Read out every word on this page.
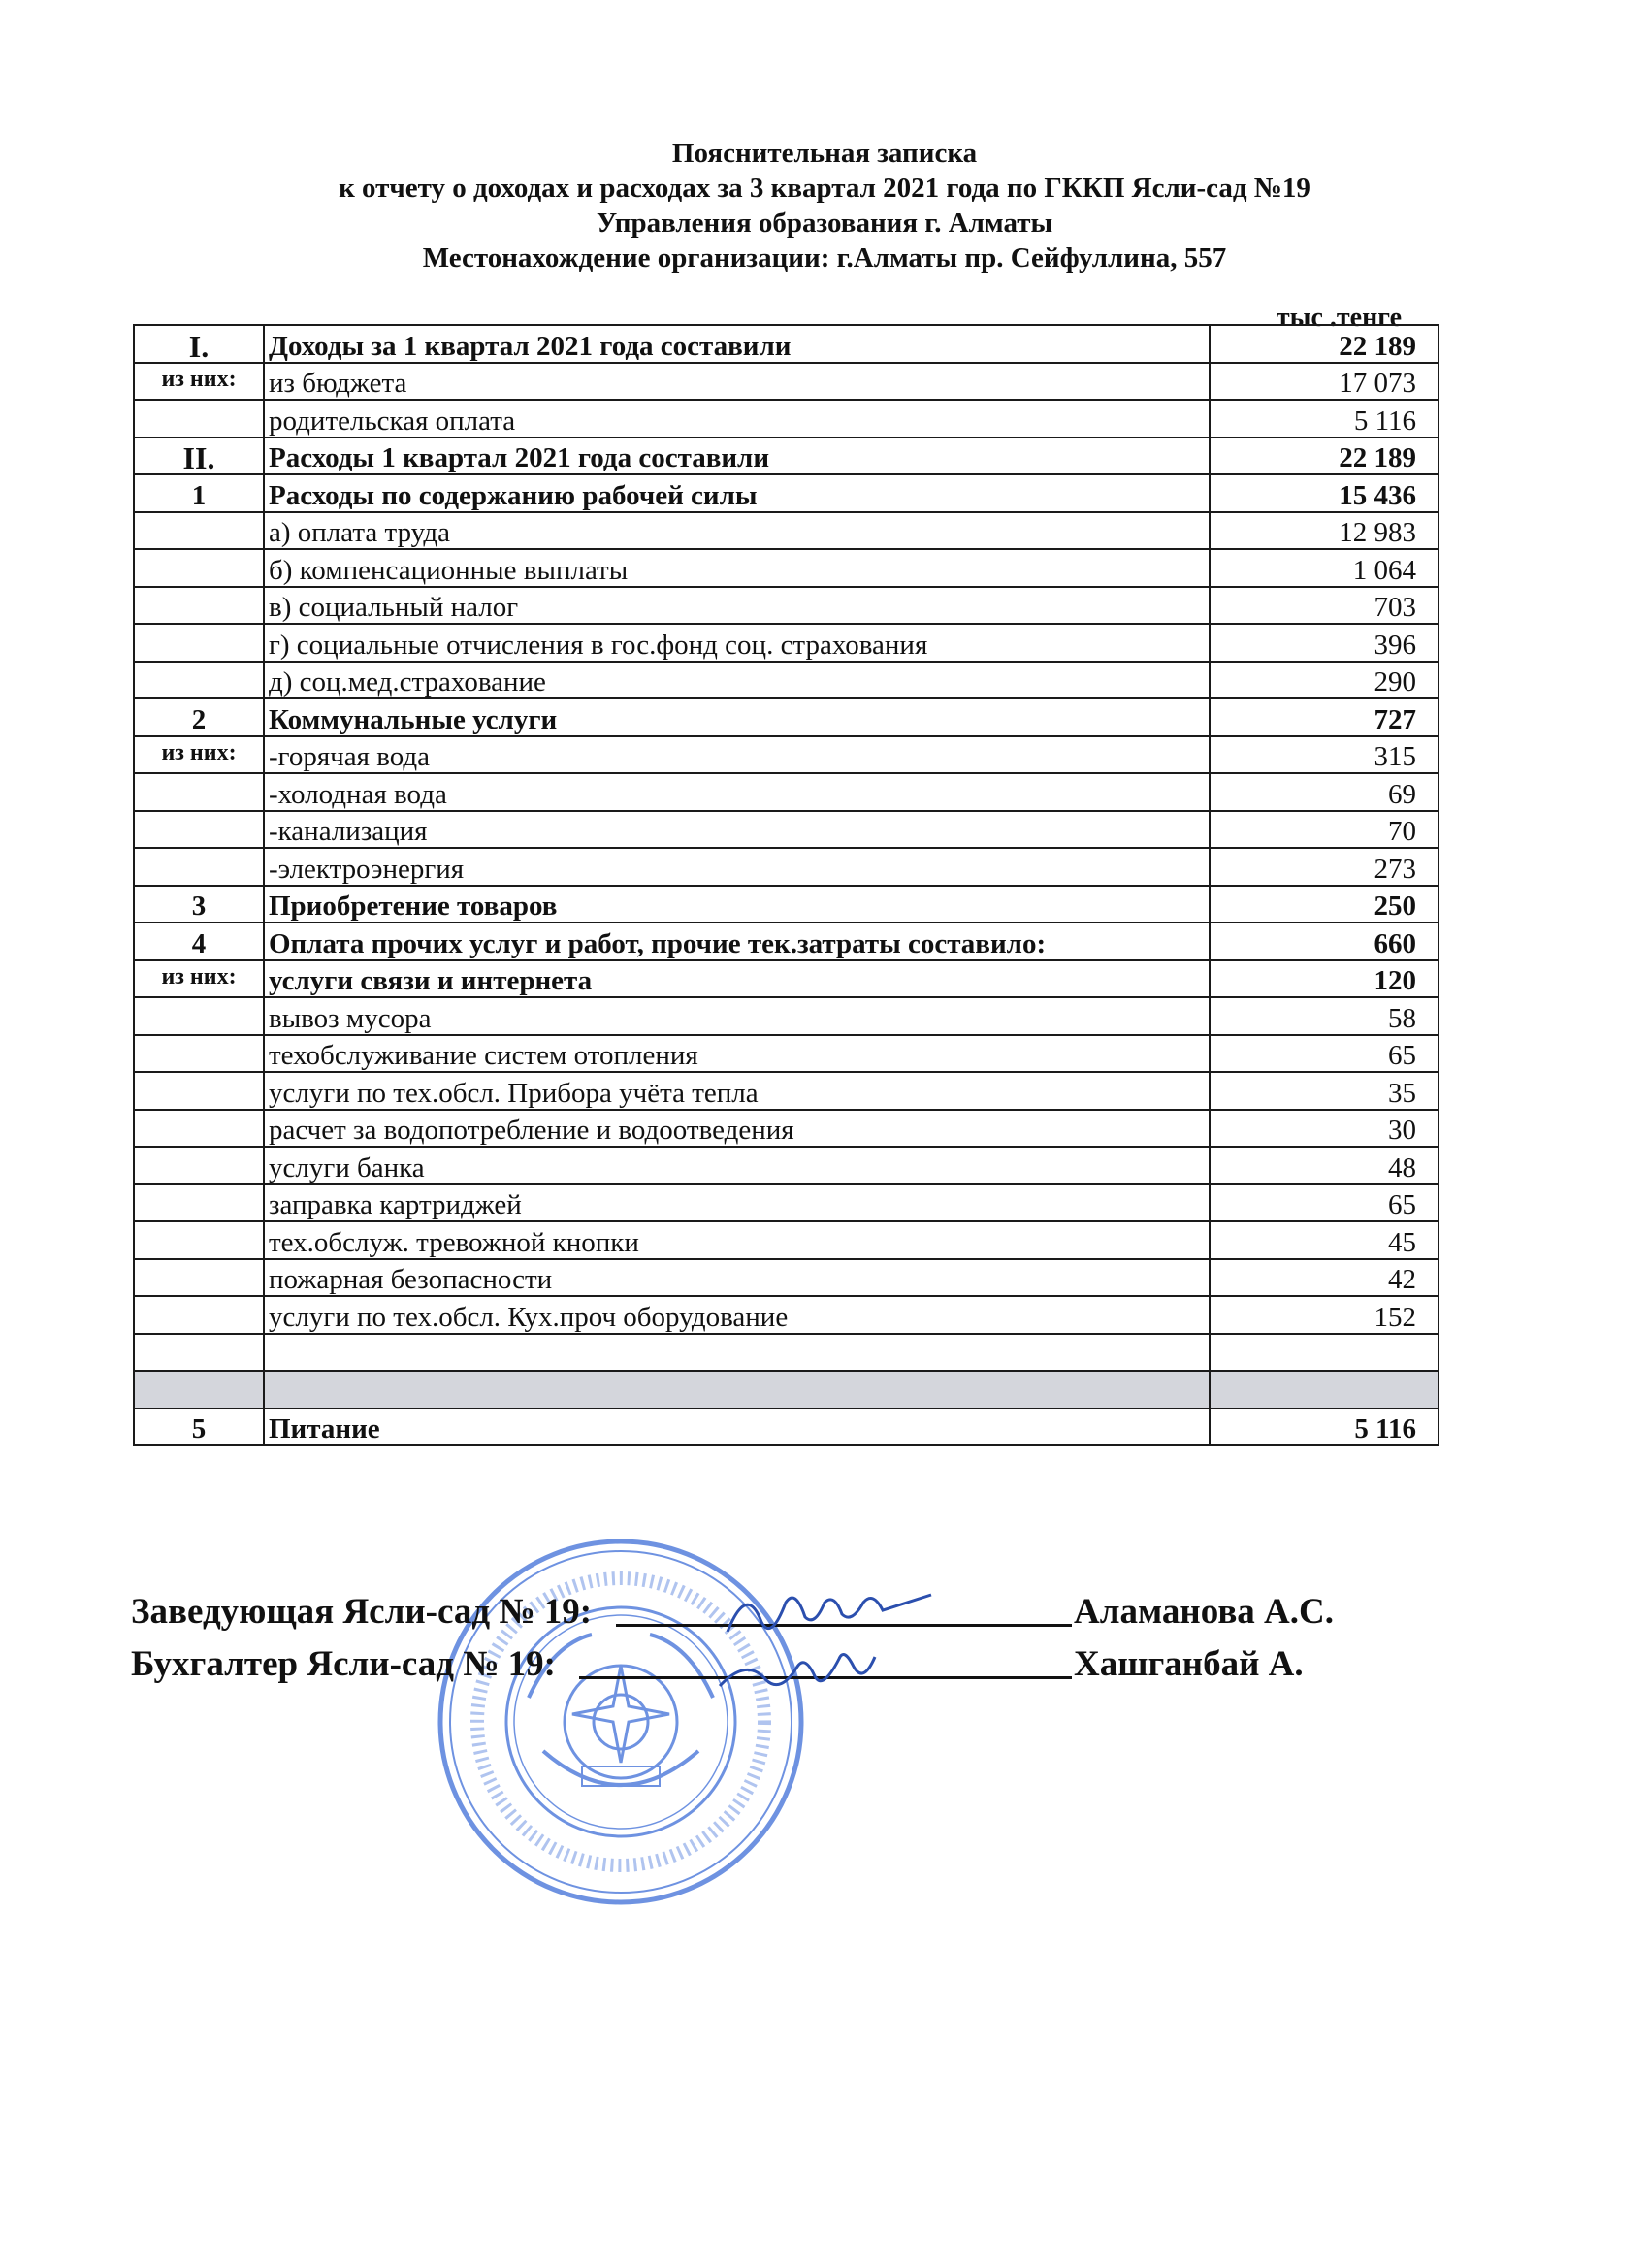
Пояснительная записка
к отчету о доходах и расходах за 3 квартал 2021 года по ГККП Ясли-сад №19
Управления образования г. Алматы
Местонахождение организации: г.Алматы пр. Сейфуллина, 557
тыс .тенге
I.	Доходы за 1 квартал 2021 года составили	22 189
из них:	из бюджета	17 073
	родительская оплата	5 116
II.	Расходы 1 квартал 2021 года составили	22 189
1	Расходы по содержанию рабочей силы	15 436
	а) оплата труда	12 983
	б) компенсационные выплаты	1 064
	в) социальный налог	703
	г) социальные отчисления в гос.фонд соц. страхования	396
	д) соц.мед.страхование	290
2	Коммунальные услуги	727
из них:	-горячая вода	315
	-холодная вода	69
	-канализация	70
	-электроэнергия	273
3	Приобретение товаров	250
4	Оплата прочих услуг и работ, прочие тек.затраты составило:	660
из них:	услуги связи и интернета	120
	вывоз мусора	58
	техобслуживание систем отопления	65
	услуги по тех.обсл. Прибора учёта тепла	35
	расчет за водопотребление и водоотведения	30
	услуги банка	48
	заправка картриджей	65
	тех.обслуж. тревожной кнопки	45
	пожарная безопасности	42
	услуги по тех.обсл. Кух.проч оборудование	152

5	Питание	5 116
Заведующая Ясли-сад № 19:	Аламанова А.С.
Бухгалтер Ясли-сад № 19:	Хашганбай А.
